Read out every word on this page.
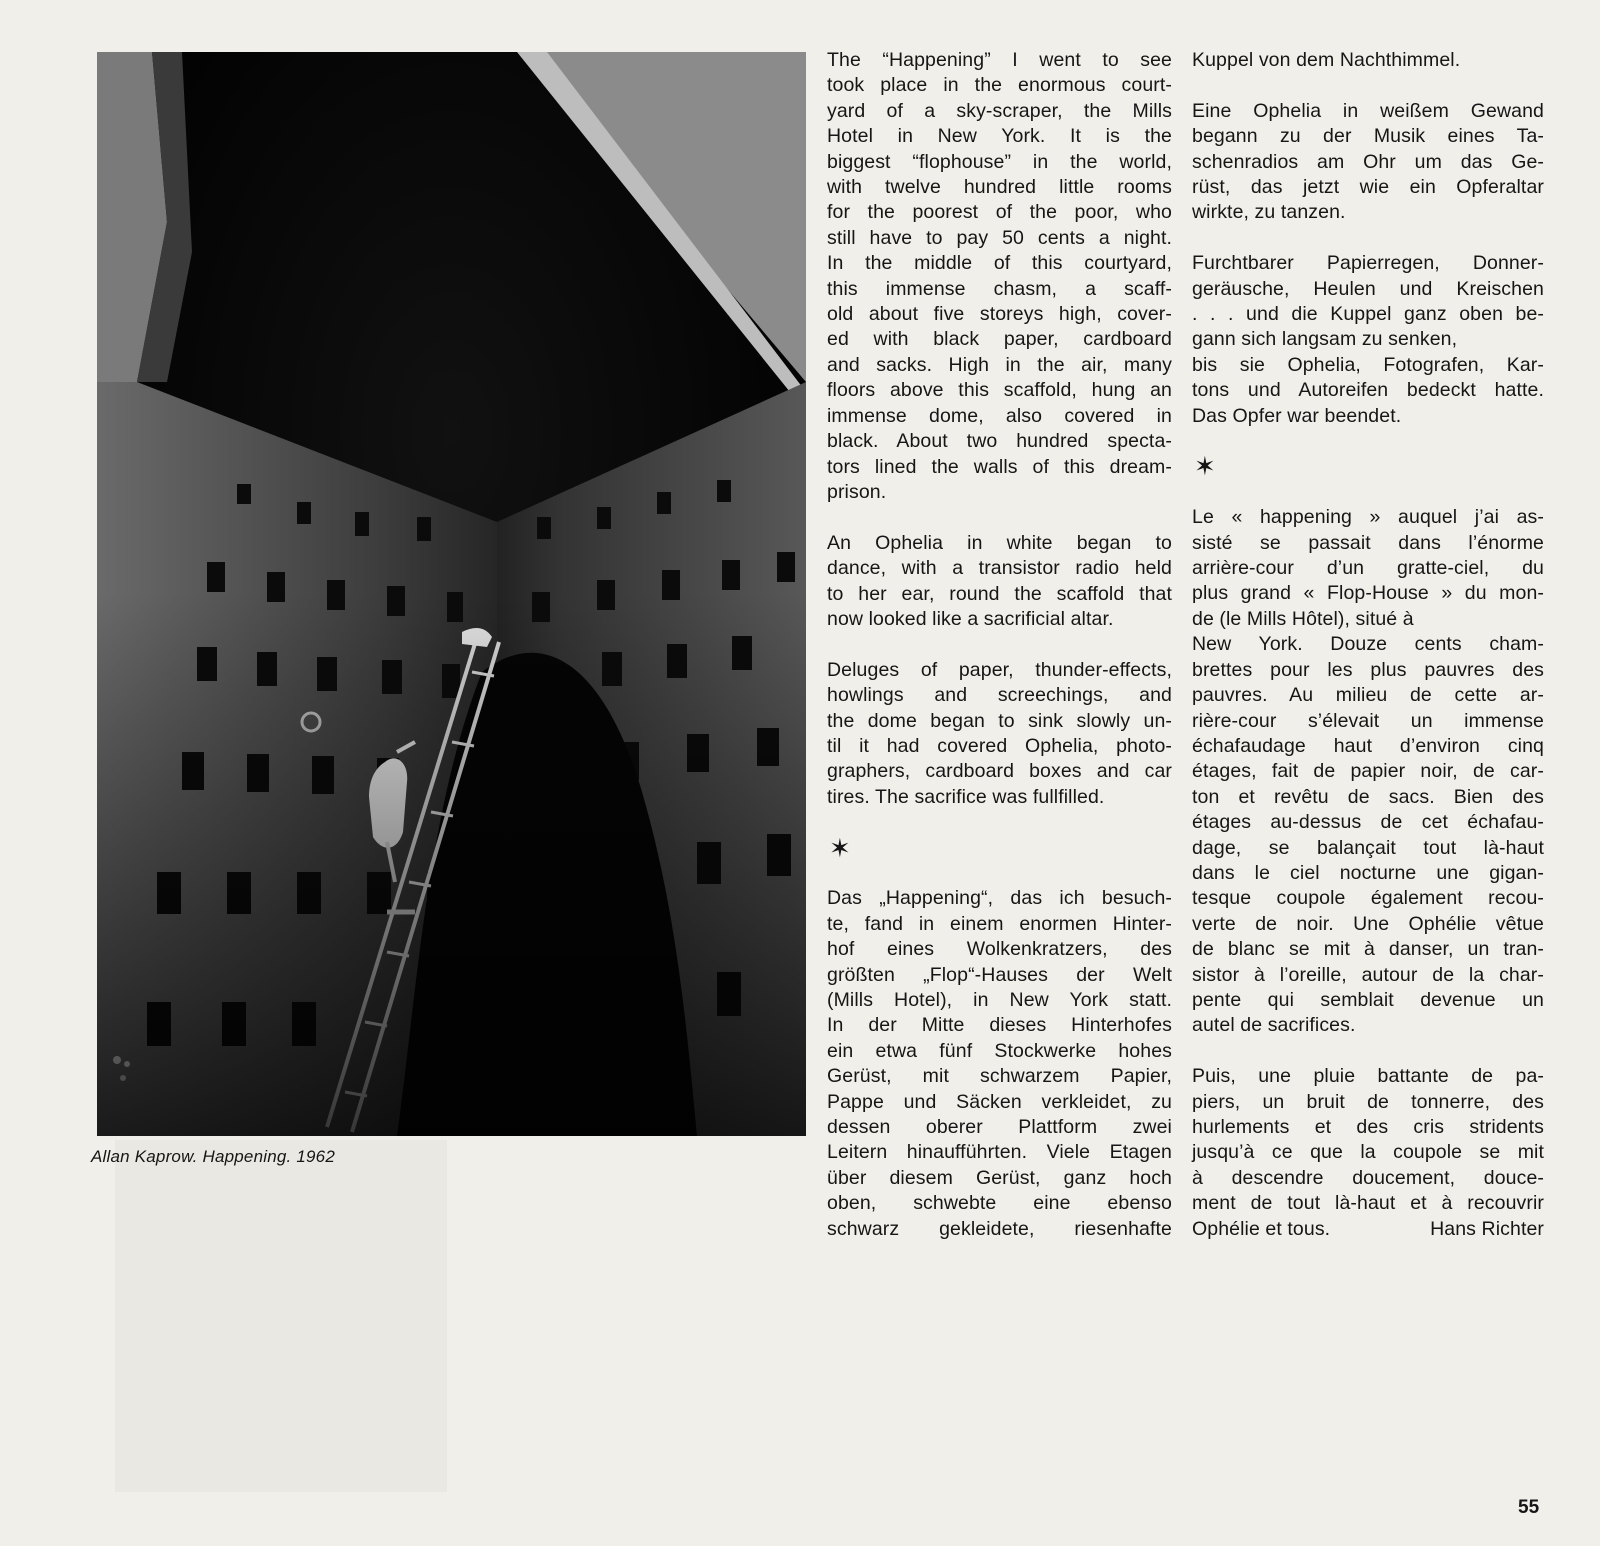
Allan Kaprow. Happening. 1962

The “Happening” I went to see
took place in the enormous court-
yard of a sky-scraper, the Mills
Hotel in New York. It is the
biggest “flophouse” in the world,
with twelve hundred little rooms
for the poorest of the poor, who
still have to pay 50 cents a night.
In the middle of this courtyard,
this immense chasm, a scaff-
old about five storeys high, cover-
ed with black paper, cardboard
and sacks. High in the air, many
floors above this scaffold, hung an
immense dome, also covered in
black. About two hundred specta-
tors lined the walls of this dream-
prison.

An Ophelia in white began to
dance, with a transistor radio held
to her ear, round the scaffold that
now looked like a sacrificial altar.

Deluges of paper, thunder-effects,
howlings and screechings, and
the dome began to sink slowly un-
til it had covered Ophelia, photo-
graphers, cardboard boxes and car
tires. The sacrifice was fullfilled.

✶

Das „Happening“, das ich besuch-
te, fand in einem enormen Hinter-
hof eines Wolkenkratzers, des
größten „Flop“-Hauses der Welt
(Mills Hotel), in New York statt.
In der Mitte dieses Hinterhofes
ein etwa fünf Stockwerke hohes
Gerüst, mit schwarzem Papier,
Pappe und Säcken verkleidet, zu
dessen oberer Plattform zwei
Leitern hinaufführten. Viele Etagen
über diesem Gerüst, ganz hoch
oben, schwebte eine ebenso
schwarz gekleidete, riesenhafte

Kuppel von dem Nachthimmel.

Eine Ophelia in weißem Gewand
begann zu der Musik eines Ta-
schenradios am Ohr um das Ge-
rüst, das jetzt wie ein Opferaltar
wirkte, zu tanzen.

Furchtbarer Papierregen, Donner-
geräusche, Heulen und Kreischen
. . . und die Kuppel ganz oben be-
gann sich langsam zu senken,
bis sie Ophelia, Fotografen, Kar-
tons und Autoreifen bedeckt hatte.
Das Opfer war beendet.

✶

Le « happening » auquel j’ai as-
sisté se passait dans l’énorme
arrière-cour d’un gratte-ciel, du
plus grand « Flop-House » du mon-
de (le Mills Hôtel), situé à
New York. Douze cents cham-
brettes pour les plus pauvres des
pauvres. Au milieu de cette ar-
rière-cour s’élevait un immense
échafaudage haut d’environ cinq
étages, fait de papier noir, de car-
ton et revêtu de sacs. Bien des
étages au-dessus de cet échafau-
dage, se balançait tout là-haut
dans le ciel nocturne une gigan-
tesque coupole également recou-
verte de noir. Une Ophélie vêtue
de blanc se mit à danser, un tran-
sistor à l’oreille, autour de la char-
pente qui semblait devenue un
autel de sacrifices.

Puis, une pluie battante de pa-
piers, un bruit de tonnerre, des
hurlements et des cris stridents
jusqu’à ce que la coupole se mit
à descendre doucement, douce-
ment de tout là-haut et à recouvrir
Ophélie et tous.	Hans Richter

55
